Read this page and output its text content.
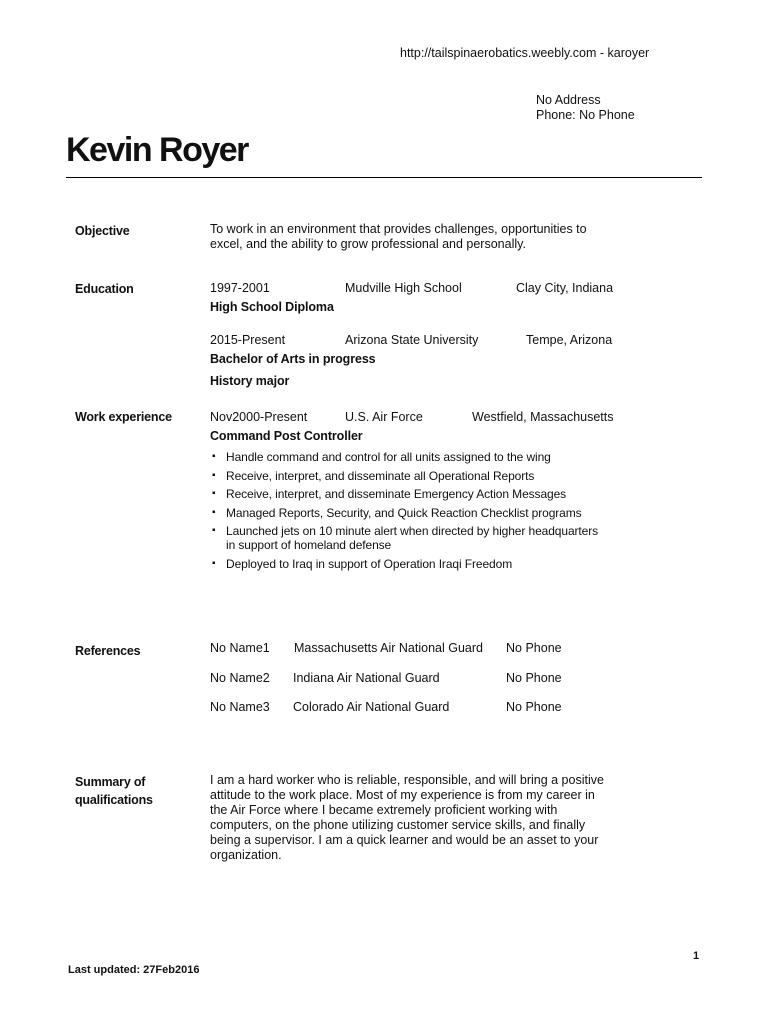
http://tailspinaerobatics.weebly.com - karoyer
No Address
Phone: No Phone
Kevin Royer
Objective	To work in an environment that provides challenges, opportunities to excel, and the ability to grow professional and personally.
Education	1997-2001	Mudville High School	Clay City, Indiana
High School Diploma
2015-Present	Arizona State University	Tempe, Arizona
Bachelor of Arts in progress
History major
Work experience	Nov2000-Present	U.S. Air Force	Westfield, Massachusetts
Command Post Controller
▪ Handle command and control for all units assigned to the wing
▪ Receive, interpret, and disseminate all Operational Reports
▪ Receive, interpret, and disseminate Emergency Action Messages
▪ Managed Reports, Security, and Quick Reaction Checklist programs
▪ Launched jets on 10 minute alert when directed by higher headquarters in support of homeland defense
▪ Deployed to Iraq in support of Operation Iraqi Freedom
References	No Name1 Massachusetts Air National Guard No Phone
No Name2 Indiana Air National Guard	No Phone
No Name3 Colorado Air National Guard	No Phone
Summary of
qualifications
I am a hard worker who is reliable, responsible, and will bring a positive
attitude to the work place. Most of my experience is from my career in
the Air Force where I became extremely proficient working with
computers, on the phone utilizing customer service skills, and finally
being a supervisor. I am a quick learner and would be an asset to your
organization.
1
Last updated: 27Feb2016
